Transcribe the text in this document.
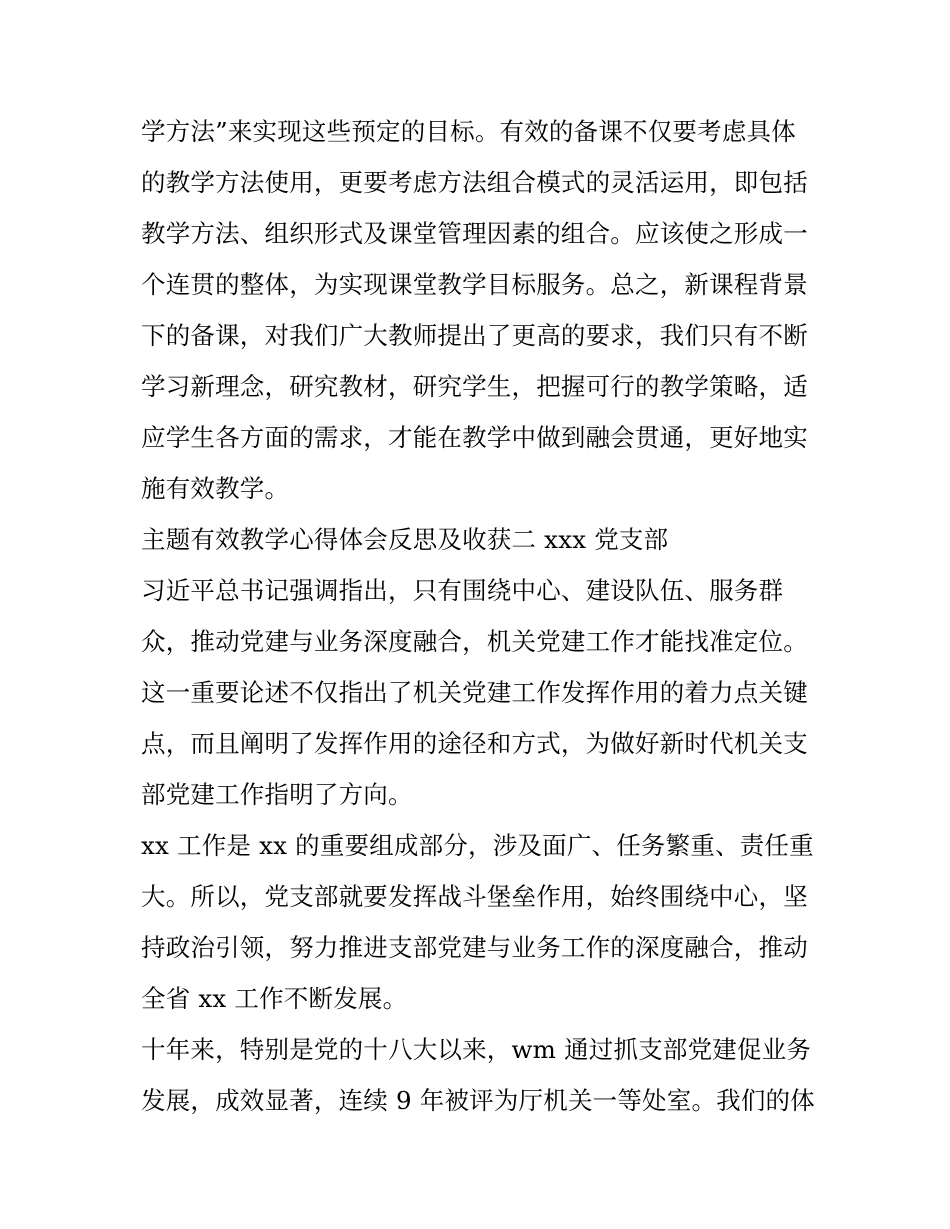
学方法”来实现这些预定的目标。有效的备课不仅要考虑具体
的教学方法使用，更要考虑方法组合模式的灵活运用，即包括
教学方法、组织形式及课堂管理因素的组合。应该使之形成一
个连贯的整体，为实现课堂教学目标服务。总之，新课程背景
下的备课，对我们广大教师提出了更高的要求，我们只有不断
学习新理念，研究教材，研究学生，把握可行的教学策略，适
应学生各方面的需求，才能在教学中做到融会贯通，更好地实
施有效教学。
主题有效教学心得体会反思及收获二 xxx 党支部
习近平总书记强调指出，只有围绕中心、建设队伍、服务群
众，推动党建与业务深度融合，机关党建工作才能找准定位。
这一重要论述不仅指出了机关党建工作发挥作用的着力点关键
点，而且阐明了发挥作用的途径和方式，为做好新时代机关支
部党建工作指明了方向。
xx 工作是 xx 的重要组成部分，涉及面广、任务繁重、责任重
大。所以，党支部就要发挥战斗堡垒作用，始终围绕中心，坚
持政治引领，努力推进支部党建与业务工作的深度融合，推动
全省 xx 工作不断发展。
十年来，特别是党的十八大以来，wm 通过抓支部党建促业务
发展，成效显著，连续 9 年被评为厅机关一等处室。我们的体
